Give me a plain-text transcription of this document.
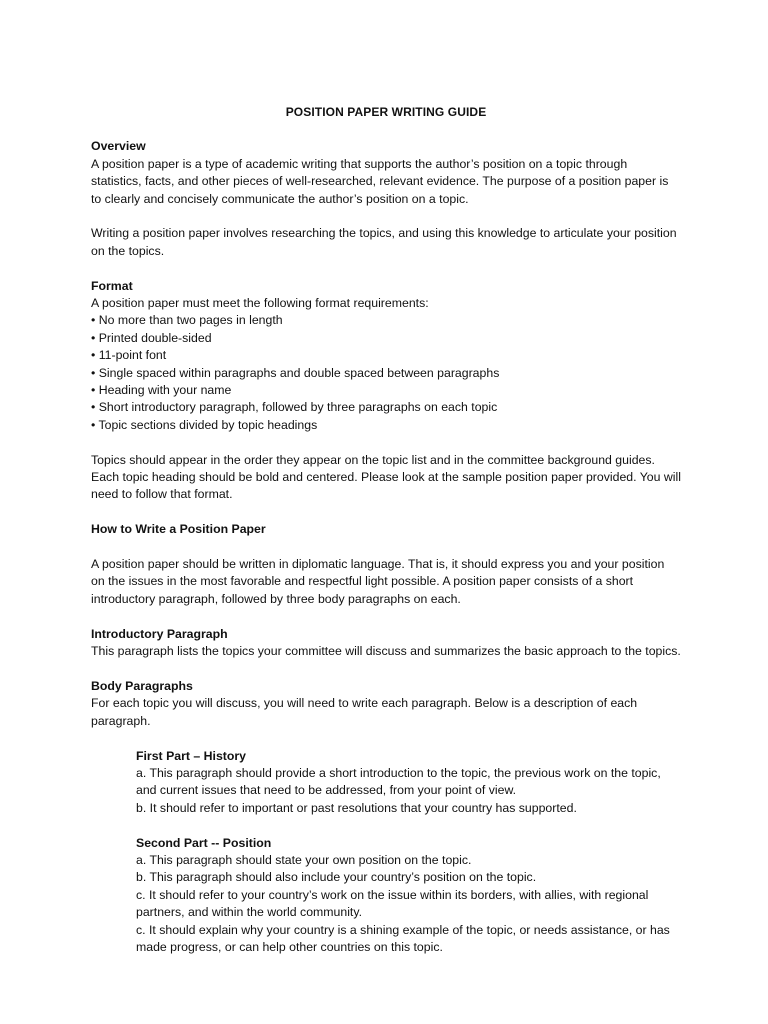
POSITION PAPER WRITING GUIDE

Overview

A position paper is a type of academic writing that supports the author’s position on a topic through statistics, facts, and other pieces of well-researched, relevant evidence. The purpose of a position paper is to clearly and concisely communicate the author’s position on a topic.

Writing a position paper involves researching the topics, and using this knowledge to articulate your position on the topics.

Format

A position paper must meet the following format requirements:

• No more than two pages in length
• Printed double-sided
• 11-point font
• Single spaced within paragraphs and double spaced between paragraphs
• Heading with your name
• Short introductory paragraph, followed by three paragraphs on each topic
• Topic sections divided by topic headings

Topics should appear in the order they appear on the topic list and in the committee background guides. Each topic heading should be bold and centered. Please look at the sample position paper provided. You will need to follow that format.

How to Write a Position Paper

A position paper should be written in diplomatic language. That is, it should express you and your position on the issues in the most favorable and respectful light possible. A position paper consists of a short introductory paragraph, followed by three body paragraphs on each.

Introductory Paragraph

This paragraph lists the topics your committee will discuss and summarizes the basic approach to the topics.

Body Paragraphs

For each topic you will discuss, you will need to write each paragraph. Below is a description of each paragraph.

First Part – History

a. This paragraph should provide a short introduction to the topic, the previous work on the topic, and current issues that need to be addressed, from your point of view.

b. It should refer to important or past resolutions that your country has supported.

Second Part -- Position

a. This paragraph should state your own position on the topic.

b. This paragraph should also include your country’s position on the topic.

c. It should refer to your country’s work on the issue within its borders, with allies, with regional partners, and within the world community.

c. It should explain why your country is a shining example of the topic, or needs assistance, or has made progress, or can help other countries on this topic.
